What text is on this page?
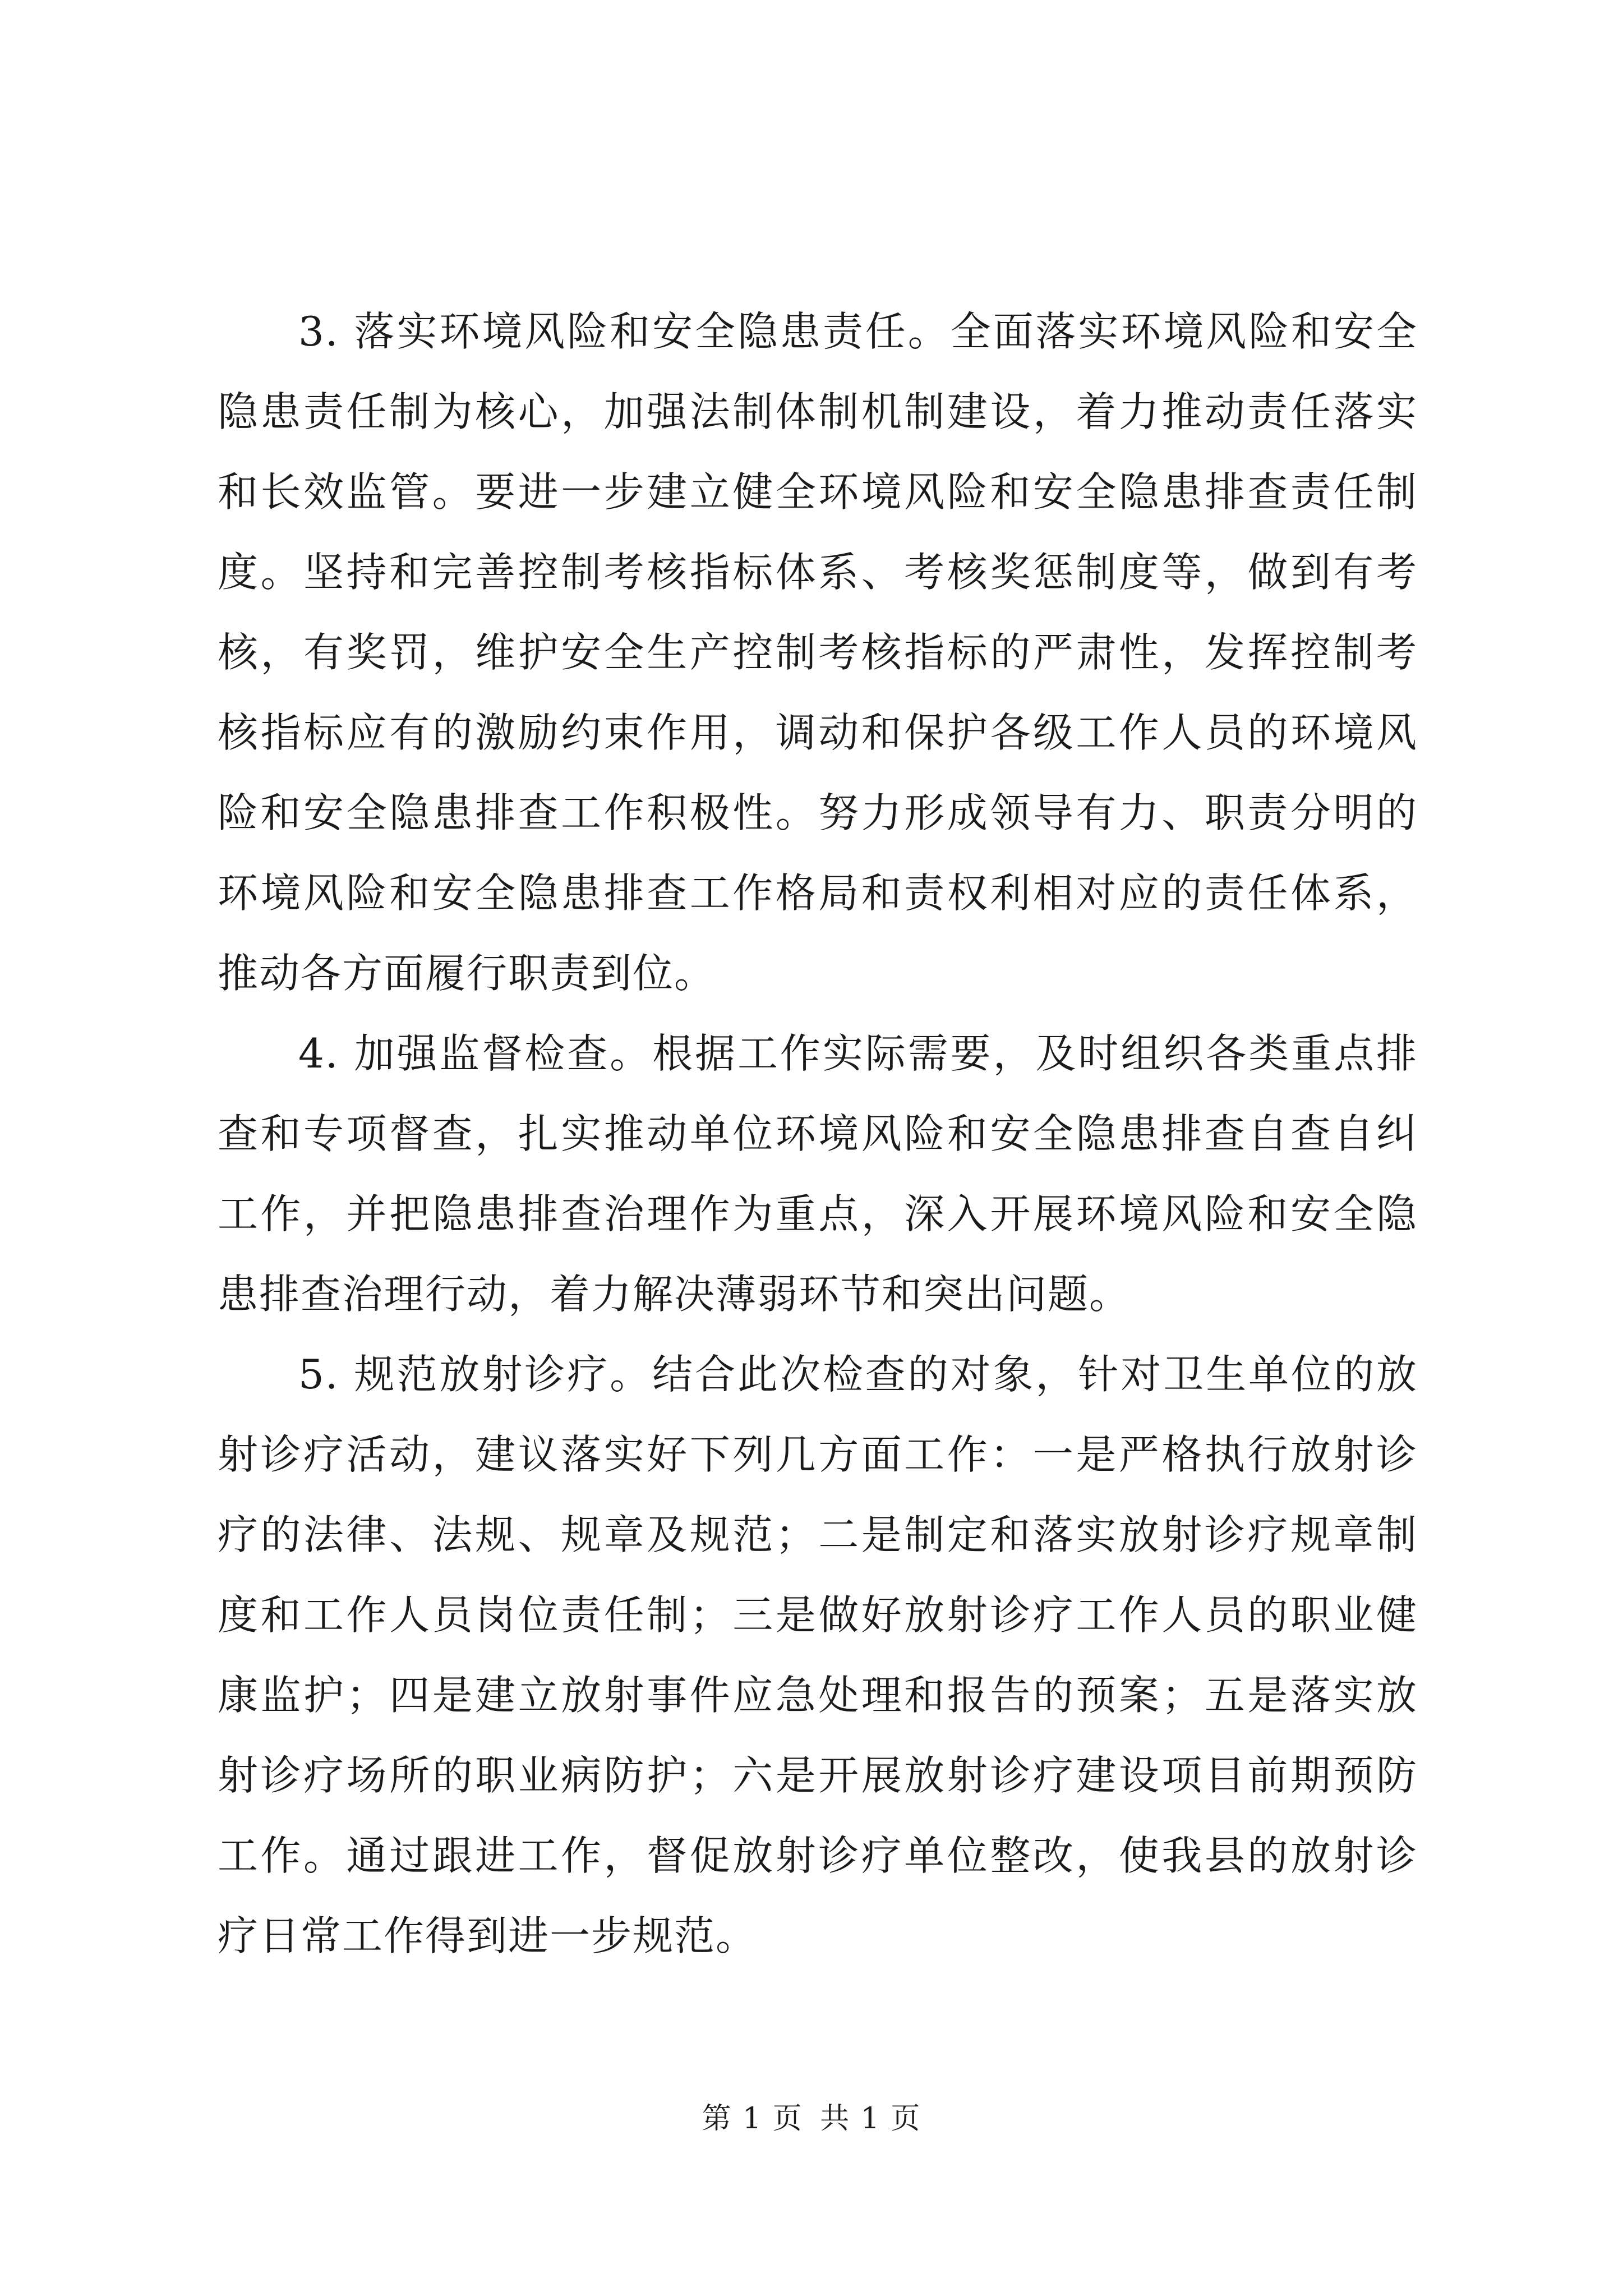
3. 落实环境风险和安全隐患责任。全面落实环境风险和安全隐患责任制为核心，加强法制体制机制建设，着力推动责任落实和长效监管。要进一步建立健全环境风险和安全隐患排查责任制度。坚持和完善控制考核指标体系、考核奖惩制度等，做到有考核，有奖罚，维护安全生产控制考核指标的严肃性，发挥控制考核指标应有的激励约束作用，调动和保护各级工作人员的环境风险和安全隐患排查工作积极性。努力形成领导有力、职责分明的环境风险和安全隐患排查工作格局和责权利相对应的责任体系，推动各方面履行职责到位。

4. 加强监督检查。根据工作实际需要，及时组织各类重点排查和专项督查，扎实推动单位环境风险和安全隐患排查自查自纠工作，并把隐患排查治理作为重点，深入开展环境风险和安全隐患排查治理行动，着力解决薄弱环节和突出问题。

5. 规范放射诊疗。结合此次检查的对象，针对卫生单位的放射诊疗活动，建议落实好下列几方面工作：一是严格执行放射诊疗的法律、法规、规章及规范；二是制定和落实放射诊疗规章制度和工作人员岗位责任制；三是做好放射诊疗工作人员的职业健康监护；四是建立放射事件应急处理和报告的预案；五是落实放射诊疗场所的职业病防护；六是开展放射诊疗建设项目前期预防工作。通过跟进工作，督促放射诊疗单位整改，使我县的放射诊疗日常工作得到进一步规范。

第 1 页 共 1 页
